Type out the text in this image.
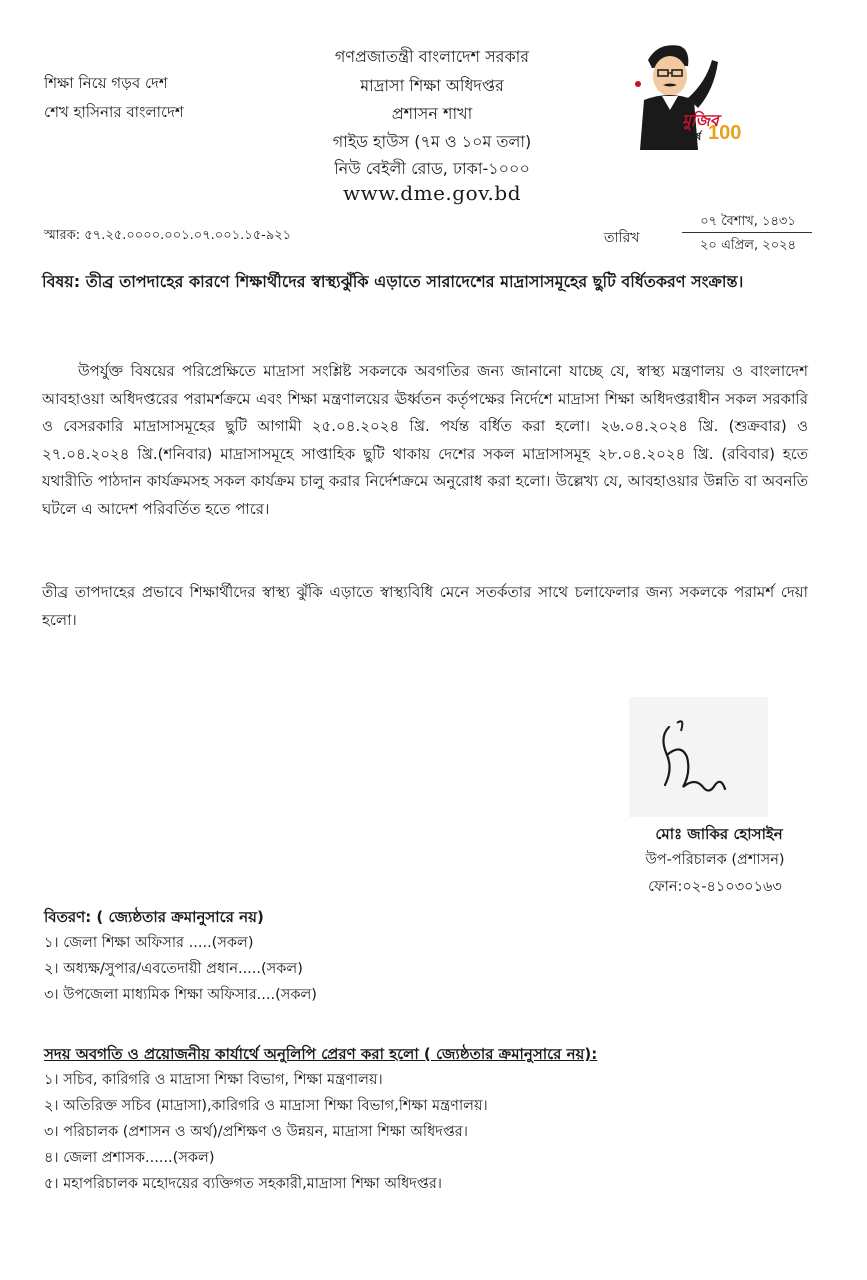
শিক্ষা নিয়ে গড়ব দেশ
শেখ হাসিনার বাংলাদেশ
গণপ্রজাতন্ত্রী বাংলাদেশ সরকার
মাদ্রাসা শিক্ষা অধিদপ্তর
প্রশাসন শাখা
গাইড হাউস (৭ম ও ১০ম তলা)
নিউ বেইলী রোড, ঢাকা-১০০০
www.dme.gov.bd
মুজিব
বর্ষ 100
স্মারক: ৫৭.২৫.০০০০.০০১.০৭.০০১.১৫-৯২১	তারিখ
০৭ বৈশাখ, ১৪৩১
২০ এপ্রিল, ২০২৪
বিষয়: তীব্র তাপদাহের কারণে শিক্ষার্থীদের স্বাস্থ্যঝুঁকি এড়াতে সারাদেশের মাদ্রাসাসমূহের ছুটি বর্ধিতকরণ সংক্রান্ত।
উপর্যুক্ত বিষয়ের পরিপ্রেক্ষিতে মাদ্রাসা সংশ্লিষ্ট সকলকে অবগতির জন্য জানানো যাচ্ছে যে, স্বাস্থ্য মন্ত্রণালয় ও বাংলাদেশ আবহাওয়া অধিদপ্তরের পরামর্শক্রমে এবং শিক্ষা মন্ত্রণালয়ের ঊর্ধ্বতন কর্তৃপক্ষের নির্দেশে মাদ্রাসা শিক্ষা অধিদপ্তরাধীন সকল সরকারি ও বেসরকারি মাদ্রাসাসমূহের ছুটি আগামী ২৫.০৪.২০২৪ খ্রি. পর্যন্ত বর্ধিত করা হলো। ২৬.০৪.২০২৪ খ্রি. (শুক্রবার) ও ২৭.০৪.২০২৪ খ্রি.(শনিবার) মাদ্রাসাসমূহে সাপ্তাহিক ছুটি থাকায় দেশের সকল মাদ্রাসাসমূহ ২৮.০৪.২০২৪ খ্রি. (রবিবার) হতে যথারীতি পাঠদান কার্যক্রমসহ সকল কার্যক্রম চালু করার নির্দেশক্রমে অনুরোধ করা হলো। উল্লেখ্য যে, আবহাওয়ার উন্নতি বা অবনতি ঘটলে এ আদেশ পরিবর্তিত হতে পারে।
তীব্র তাপদাহের প্রভাবে শিক্ষার্থীদের স্বাস্থ্য ঝুঁকি এড়াতে স্বাস্থ্যবিধি মেনে সতর্কতার সাথে চলাফেলার জন্য সকলকে পরামর্শ দেয়া হলো।
মোঃ জাকির হোসাইন
উপ-পরিচালক (প্রশাসন)
ফোন:০২-৪১০৩০১৬৩
বিতরণ: ( জ্যেষ্ঠতার ক্রমানুসারে নয়)
১। জেলা শিক্ষা অফিসার .....(সকল)
২। অধ্যক্ষ/সুপার/এবতেদায়ী প্রধান.....(সকল)
৩। উপজেলা মাধ্যমিক শিক্ষা অফিসার....(সকল)
সদয় অবগতি ও প্রয়োজনীয় কার্যার্থে অনুলিপি প্রেরণ করা হলো ( জ্যেষ্ঠতার ক্রমানুসারে নয়):
১। সচিব, কারিগরি ও মাদ্রাসা শিক্ষা বিভাগ, শিক্ষা মন্ত্রণালয়।
২। অতিরিক্ত সচিব (মাদ্রাসা),কারিগরি ও মাদ্রাসা শিক্ষা বিভাগ,শিক্ষা মন্ত্রণালয়।
৩। পরিচালক (প্রশাসন ও অর্থ)/প্রশিক্ষণ ও উন্নয়ন, মাদ্রাসা শিক্ষা অধিদপ্তর।
৪। জেলা প্রশাসক......(সকল)
৫। মহাপরিচালক মহোদয়ের ব্যক্তিগত সহকারী,মাদ্রাসা শিক্ষা অধিদপ্তর।
